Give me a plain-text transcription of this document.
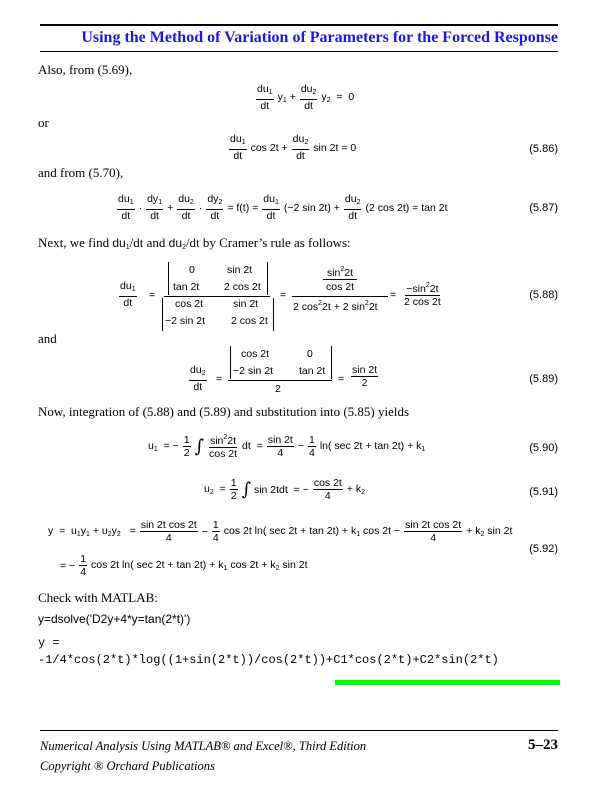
Using the Method of Variation of Parameters for the Forced Response
Also, from (5.69),
$\frac{du_1}{dt} y_1 + \frac{du_2}{dt} y_2 = 0$
or
$\frac{du_1}{dt}$ $\cos 2t + \frac{du_2}{dt}$ sin 2t = 0	(5.86)
and from (5.70),
$\frac{du_1}{dt} \cdot \frac{dy_1}{dt} + \frac{du_2}{dt} \cdot \frac{dy_2}{dt} = f(t) = \frac{du_1}{dt} (-2$ $\sin 2t) + \frac{du_2}{dt} (2$ cos 2t) = tan 2t	(5.87)
Next, we find $du_1/dt$ and $du_2/dt$ by Cramer’s rule as follows:
$\frac{du_1}{dt}$ =
0	sin 2t
tan 2t 2 cos 2t
cos 2t	sin 2t
−2 sin 2t 2 cos 2t
=
$\sin^22t$
cos 2t
2 $\cos^22t + 2$ $\sin^22t$
= $\frac{-\sin^22t}{2 \cos 2t}$	(5.88)
and
$\frac{du_2}{dt}$ =
cos 2t	0
−2 sin 2t tan 2t
2
= $\frac{\sin 2t}{2}$	(5.89)
Now, integration of (5.88) and (5.89) and substitution into (5.85) yields
$u_1$  = − $\frac{1}{2}$ ∫ $\frac{\sin^22t}{\cos 2t}$ dt  = $\frac{\sin 2t}{4} - \frac{1}{4} \ln$( $\sec 2t + \tan 2t) + k_1$	(5.90)
$u_2 = \frac{1}{2}$ ∫ sin 2tdt  = − $\frac{\cos 2t}{4} + k_2$	(5.91)
$y = u_1y_1 + u_2y_2 = \frac{\text{sin 2t cos 2t}}{4} - \frac{1}{4}$ cos 2t ln( $\sec 2t + \tan 2t) + k_1$ $\cos 2t - \frac{\text{sin 2t cos 2t}}{4} + k_2$ sin 2t
= − $\frac{1}{4}$ cos 2t ln( $\sec 2t + \tan 2t) + k_1$ $\cos 2t + k_2$ sin 2t
(5.92)
Check with MATLAB:
y=dsolve('D2y+4*y=tan(2*t)')
y =
-1/4*cos(2*t)*log((1+sin(2*t))/cos(2*t))+C1*cos(2*t)+C2*sin(2*t)
Numerical Analysis Using MATLAB® and Excel®, Third Edition
Copyright ® Orchard Publications
5–23
